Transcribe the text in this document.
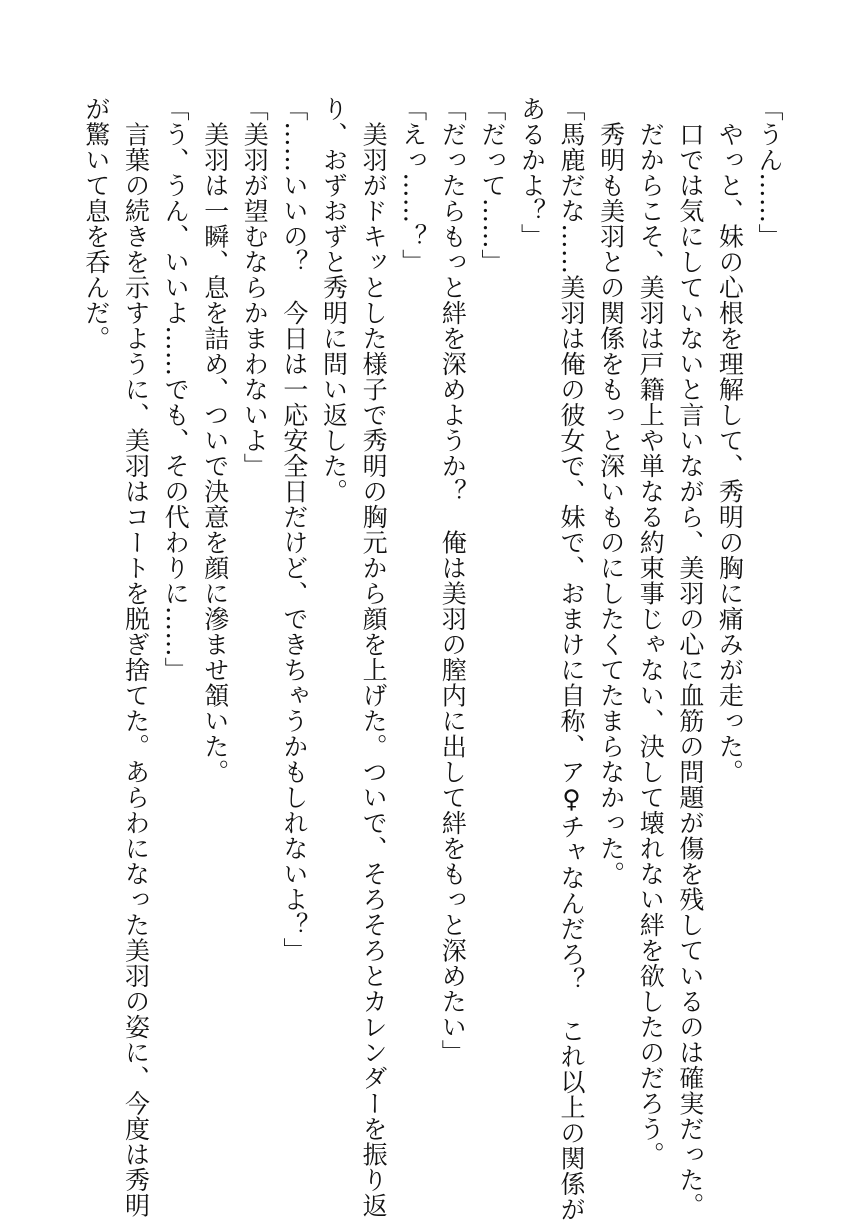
「うん……」
　やっと、妹の心根を理解して、秀明の胸に痛みが走った。
　口では気にしていないと言いながら、美羽の心に血筋の問題が傷を残しているのは確実だった。
　だからこそ、美羽は戸籍上や単なる約束事じゃない、決して壊れない絆を欲したのだろう。
　秀明も美羽との関係をもっと深いものにしたくてたまらなかった。
「馬鹿だな……美羽は俺の彼女で、妹で、おまけに自称、ア♀チャなんだろ？　これ以上の関係が
あるかよ？」
「だって……」
「だったらもっと絆を深めようか？　俺は美羽の膣内に出して絆をもっと深めたい」
「えっ……？」
　美羽がドキッとした様子で秀明の胸元から顔を上げた。ついで、そろそろとカレンダーを振り返
り、おずおずと秀明に問い返した。
「……いいの？　今日は一応安全日だけど、できちゃうかもしれないよ？」
「美羽が望むならかまわないよ」
　美羽は一瞬、息を詰め、ついで決意を顔に滲ませ頷いた。
「う、うん、いいよ……でも、その代わりに……」
　言葉の続きを示すように、美羽はコートを脱ぎ捨てた。あらわになった美羽の姿に、今度は秀明
が驚いて息を呑んだ。
